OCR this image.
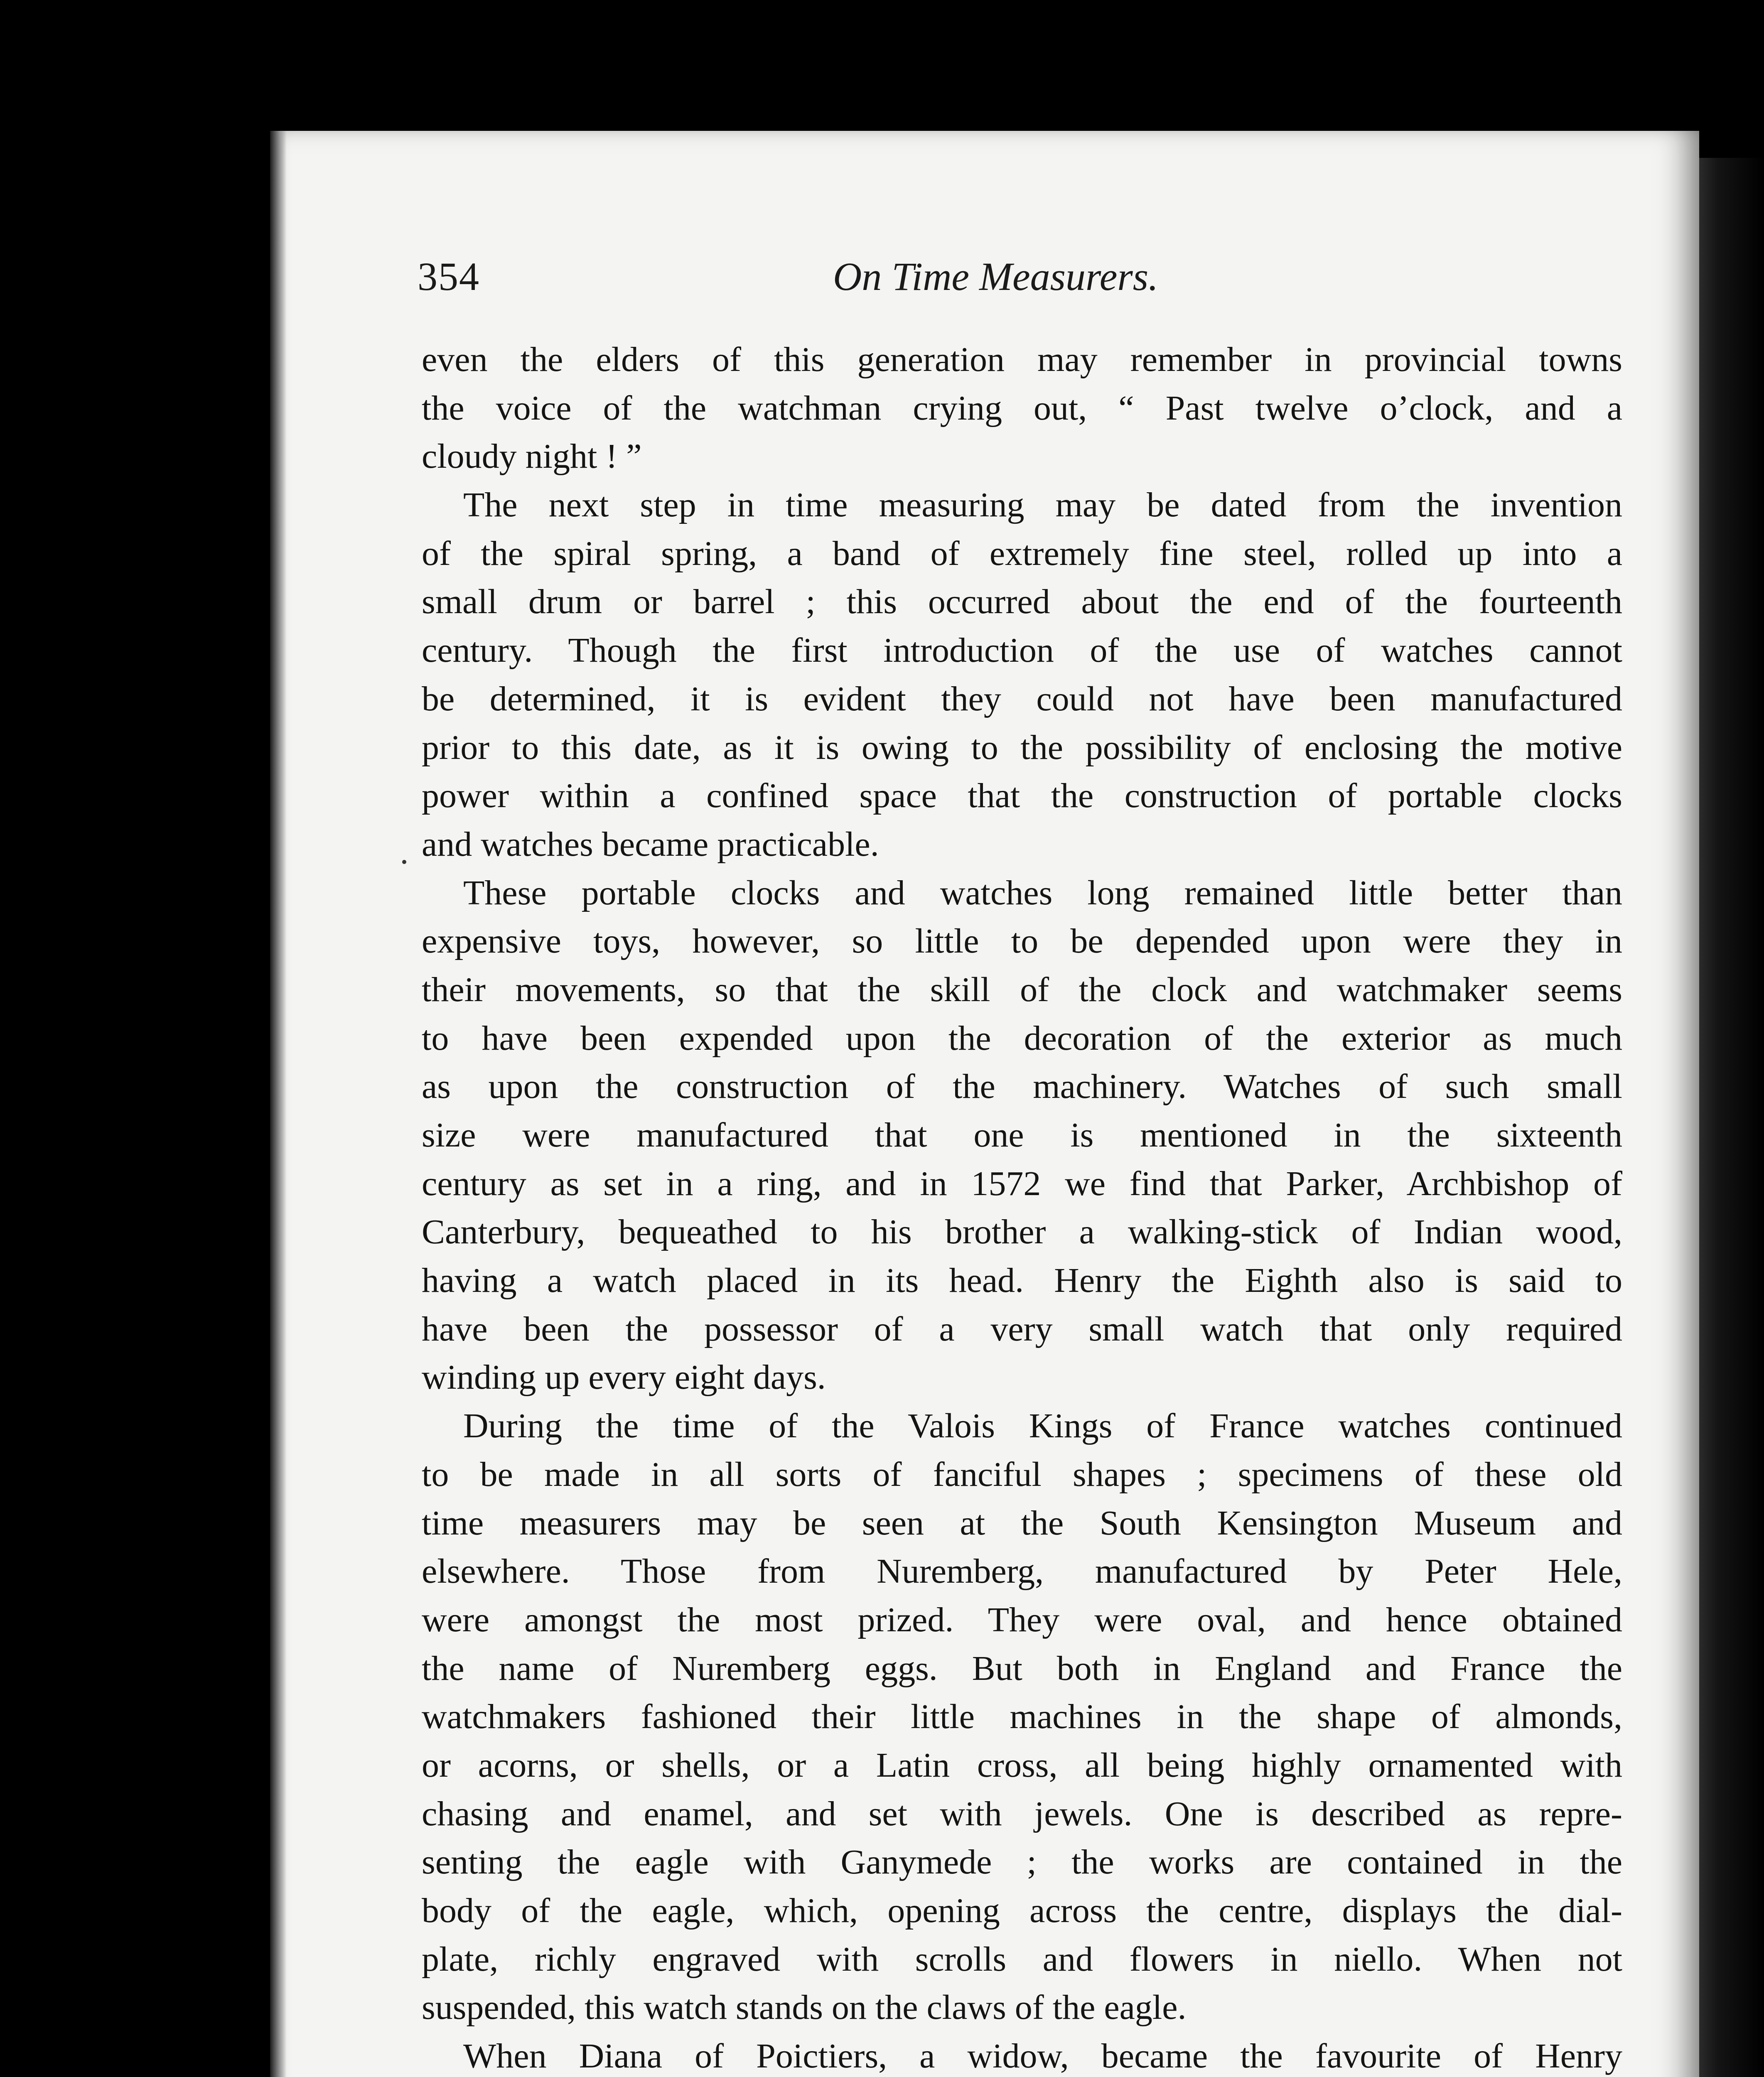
354	On Time Measurers.
even the elders of this generation may remember in provincial towns
the voice of the watchman crying out, “ Past twelve o’clock, and a
cloudy night ! ”
The next step in time measuring may be dated from the invention
of the spiral spring, a band of extremely fine steel, rolled up into a
small drum or barrel ; this occurred about the end of the fourteenth
century. Though the first introduction of the use of watches cannot
be determined, it is evident they could not have been manufactured
prior to this date, as it is owing to the possibility of enclosing the motive
power within a confined space that the construction of portable clocks
and watches became practicable.
These portable clocks and watches long remained little better than
expensive toys, however, so little to be depended upon were they in
their movements, so that the skill of the clock and watchmaker seems
to have been expended upon the decoration of the exterior as much
as upon the construction of the machinery. Watches of such small
size were manufactured that one is mentioned in the sixteenth
century as set in a ring, and in 1572 we find that Parker, Archbishop of
Canterbury, bequeathed to his brother a walking-stick of Indian wood,
having a watch placed in its head. Henry the Eighth also is said to
have been the possessor of a very small watch that only required
winding up every eight days.
During the time of the Valois Kings of France watches continued
to be made in all sorts of fanciful shapes ; specimens of these old
time measurers may be seen at the South Kensington Museum and
elsewhere. Those from Nuremberg, manufactured by Peter Hele,
were amongst the most prized. They were oval, and hence obtained
the name of Nuremberg eggs. But both in England and France the
watchmakers fashioned their little machines in the shape of almonds,
or acorns, or shells, or a Latin cross, all being highly ornamented with
chasing and enamel, and set with jewels. One is described as repre-
senting the eagle with Ganymede ; the works are contained in the
body of the eagle, which, opening across the centre, displays the dial-
plate, richly engraved with scrolls and flowers in niello. When not
suspended, this watch stands on the claws of the eagle.
When Diana of Poictiers, a widow, became the favourite of Henry
